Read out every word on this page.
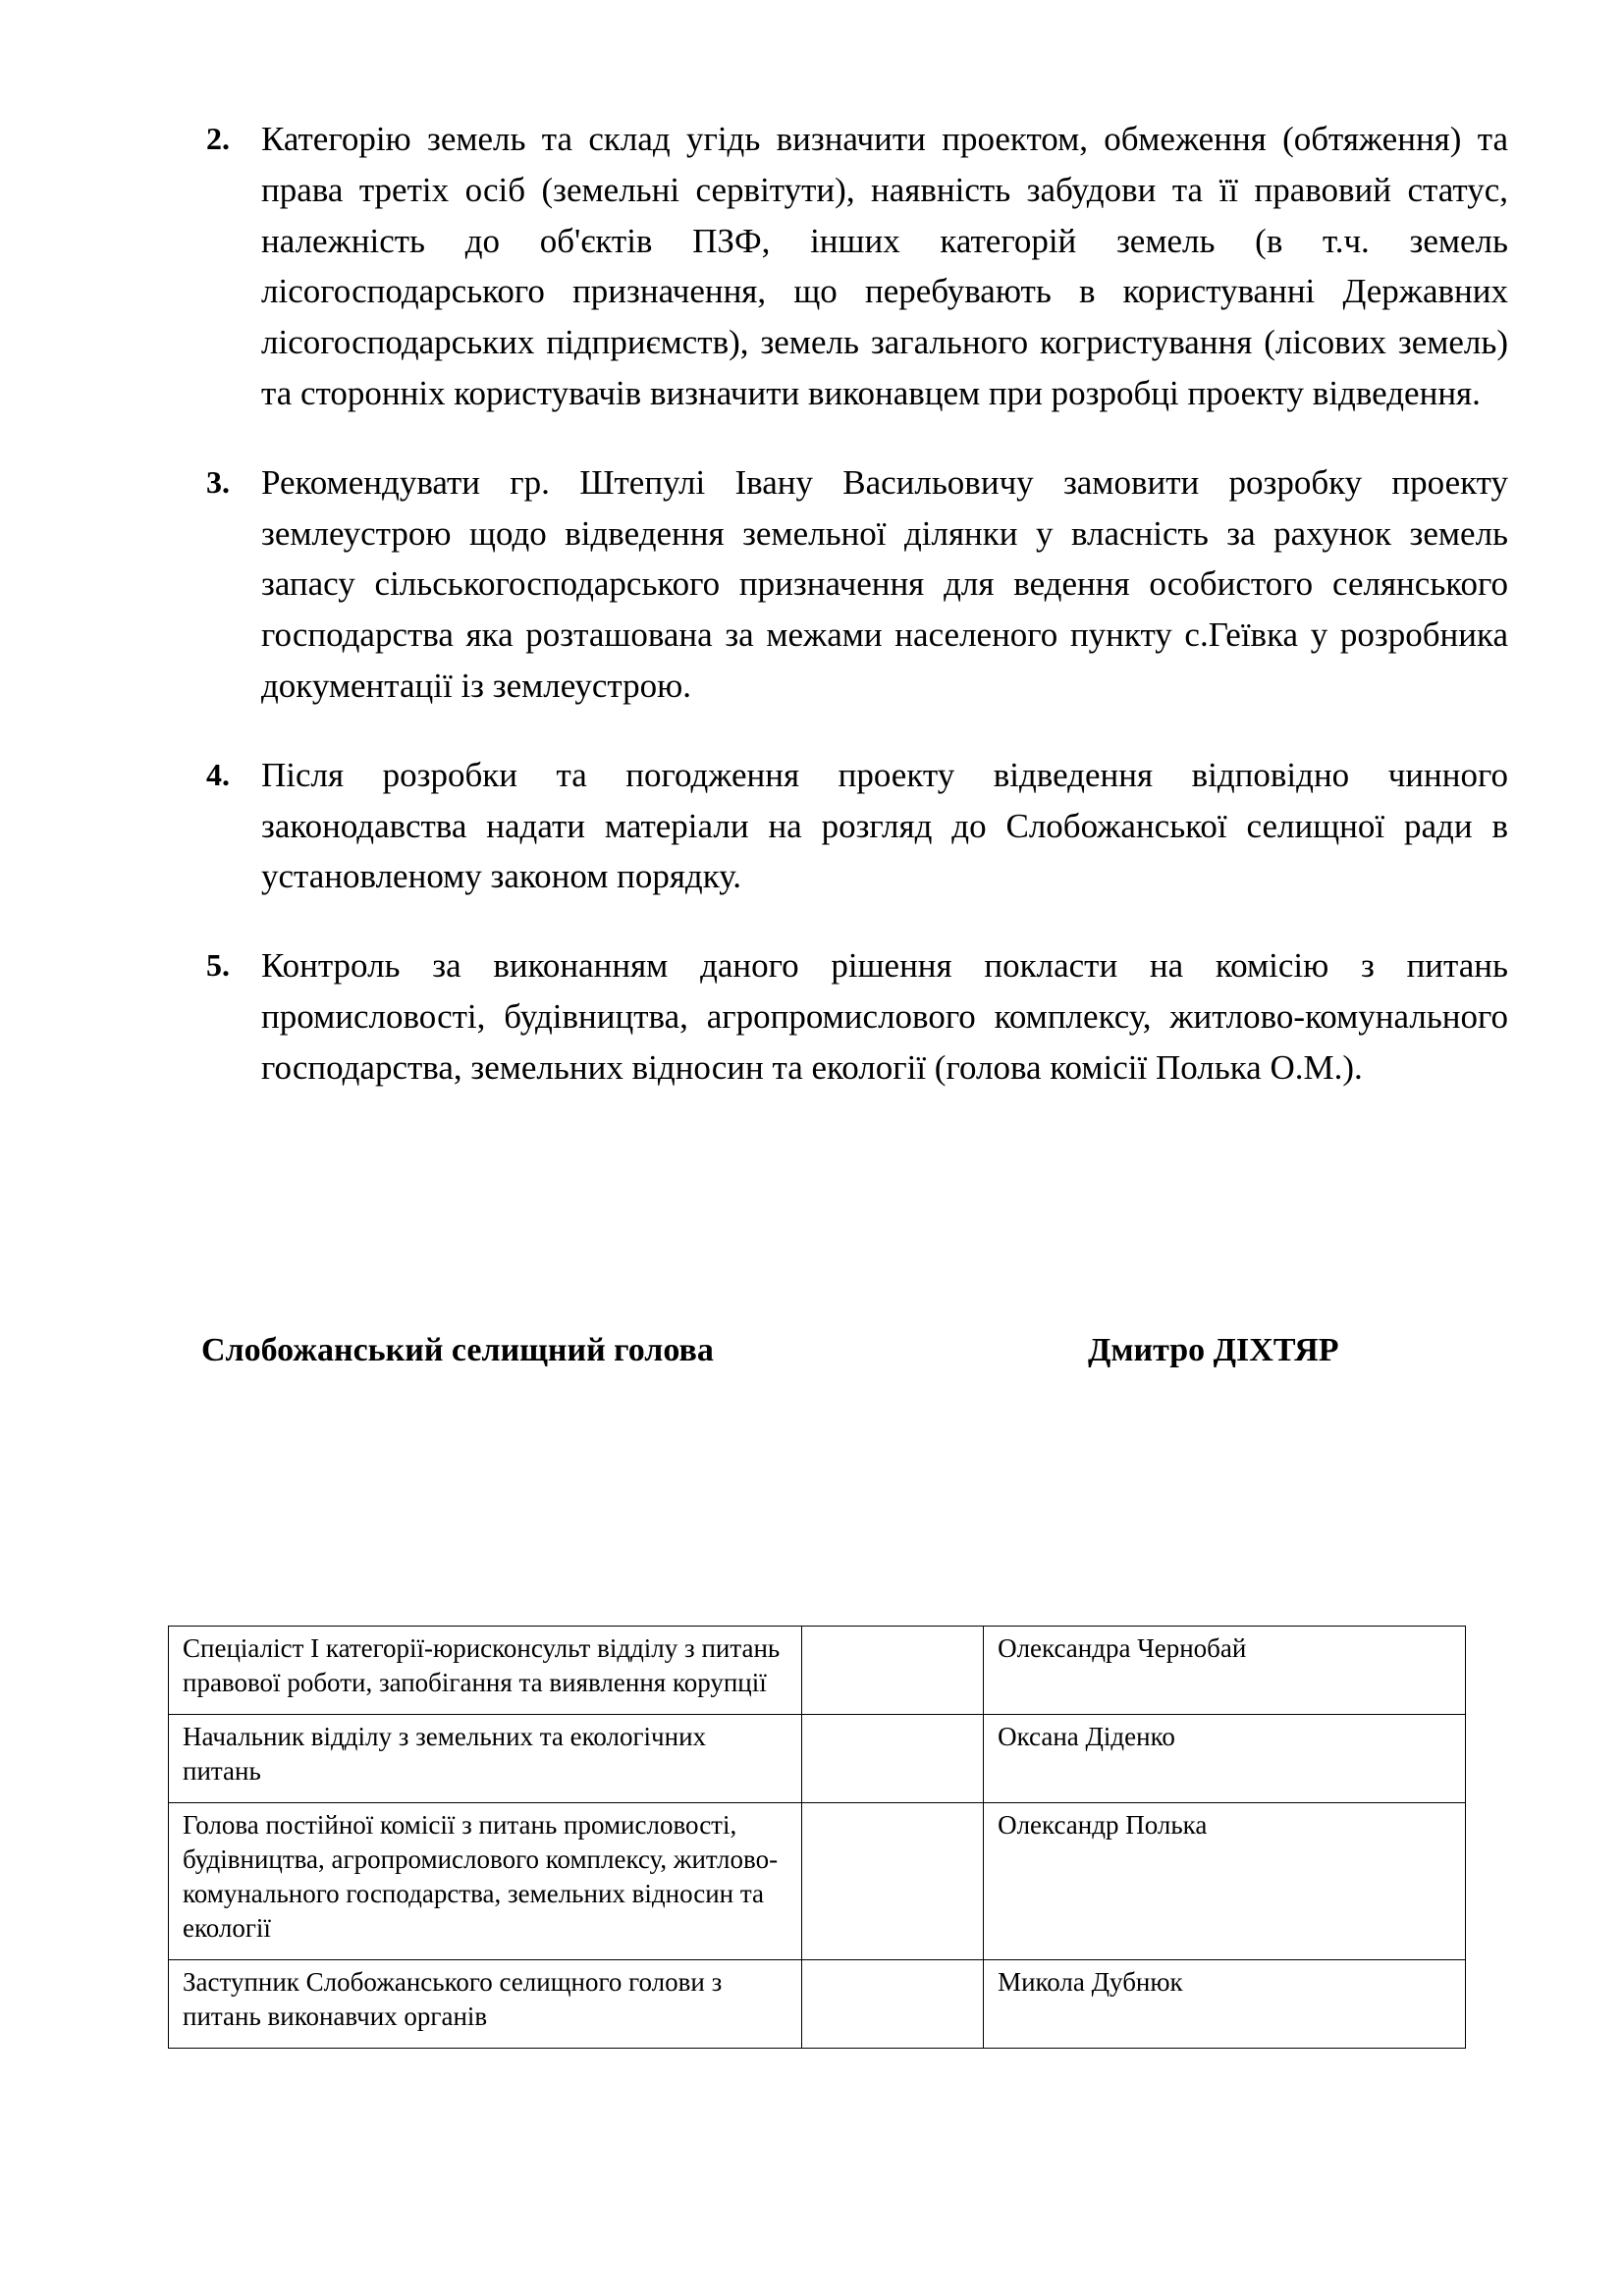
2. Категорію земель та склад угідь визначити проектом, обмеження (обтяження) та права третіх осіб (земельні сервітути), наявність забудови та її правовий статус, належність до об'єктів ПЗФ, інших категорій земель (в т.ч. земель лісогосподарського призначення, що перебувають в користуванні Державних лісогосподарських підприємств), земель загального когристування (лісових земель) та сторонніх користувачів визначити виконавцем при розробці проекту відведення.
3. Рекомендувати гр. Штепулі Івану Васильовичу замовити розробку проекту землеустрою щодо відведення земельної ділянки у власність за рахунок земель запасу сільськогосподарського призначення для ведення особистого селянського господарства яка розташована за межами населеного пункту с.Геївка у розробника документації із землеустрою.
4. Після розробки та погодження проекту відведення відповідно чинного законодавства надати матеріали на розгляд до Слобожанської селищної ради в установленому законом порядку.
5. Контроль за виконанням даного рішення покласти на комісію з питань промисловості, будівництва, агропромислового комплексу, житлово-комунального господарства, земельних відносин та екології (голова комісії Полька О.М.).
Слобожанський селищний голова	Дмитро ДІХТЯР
Спеціаліст І категорії-юрисконсульт відділу з питань правової роботи, запобігання та виявлення корупції		Олександра Чернобай
Начальник відділу з земельних та екологічних питань		Оксана Діденко
Голова постійної комісії з питань промисловості, будівництва, агропромислового комплексу, житлово-комунального господарства, земельних відносин та екології		Олександр Полька
Заступник Слобожанського селищного голови з питань виконавчих органів		Микола Дубнюк
